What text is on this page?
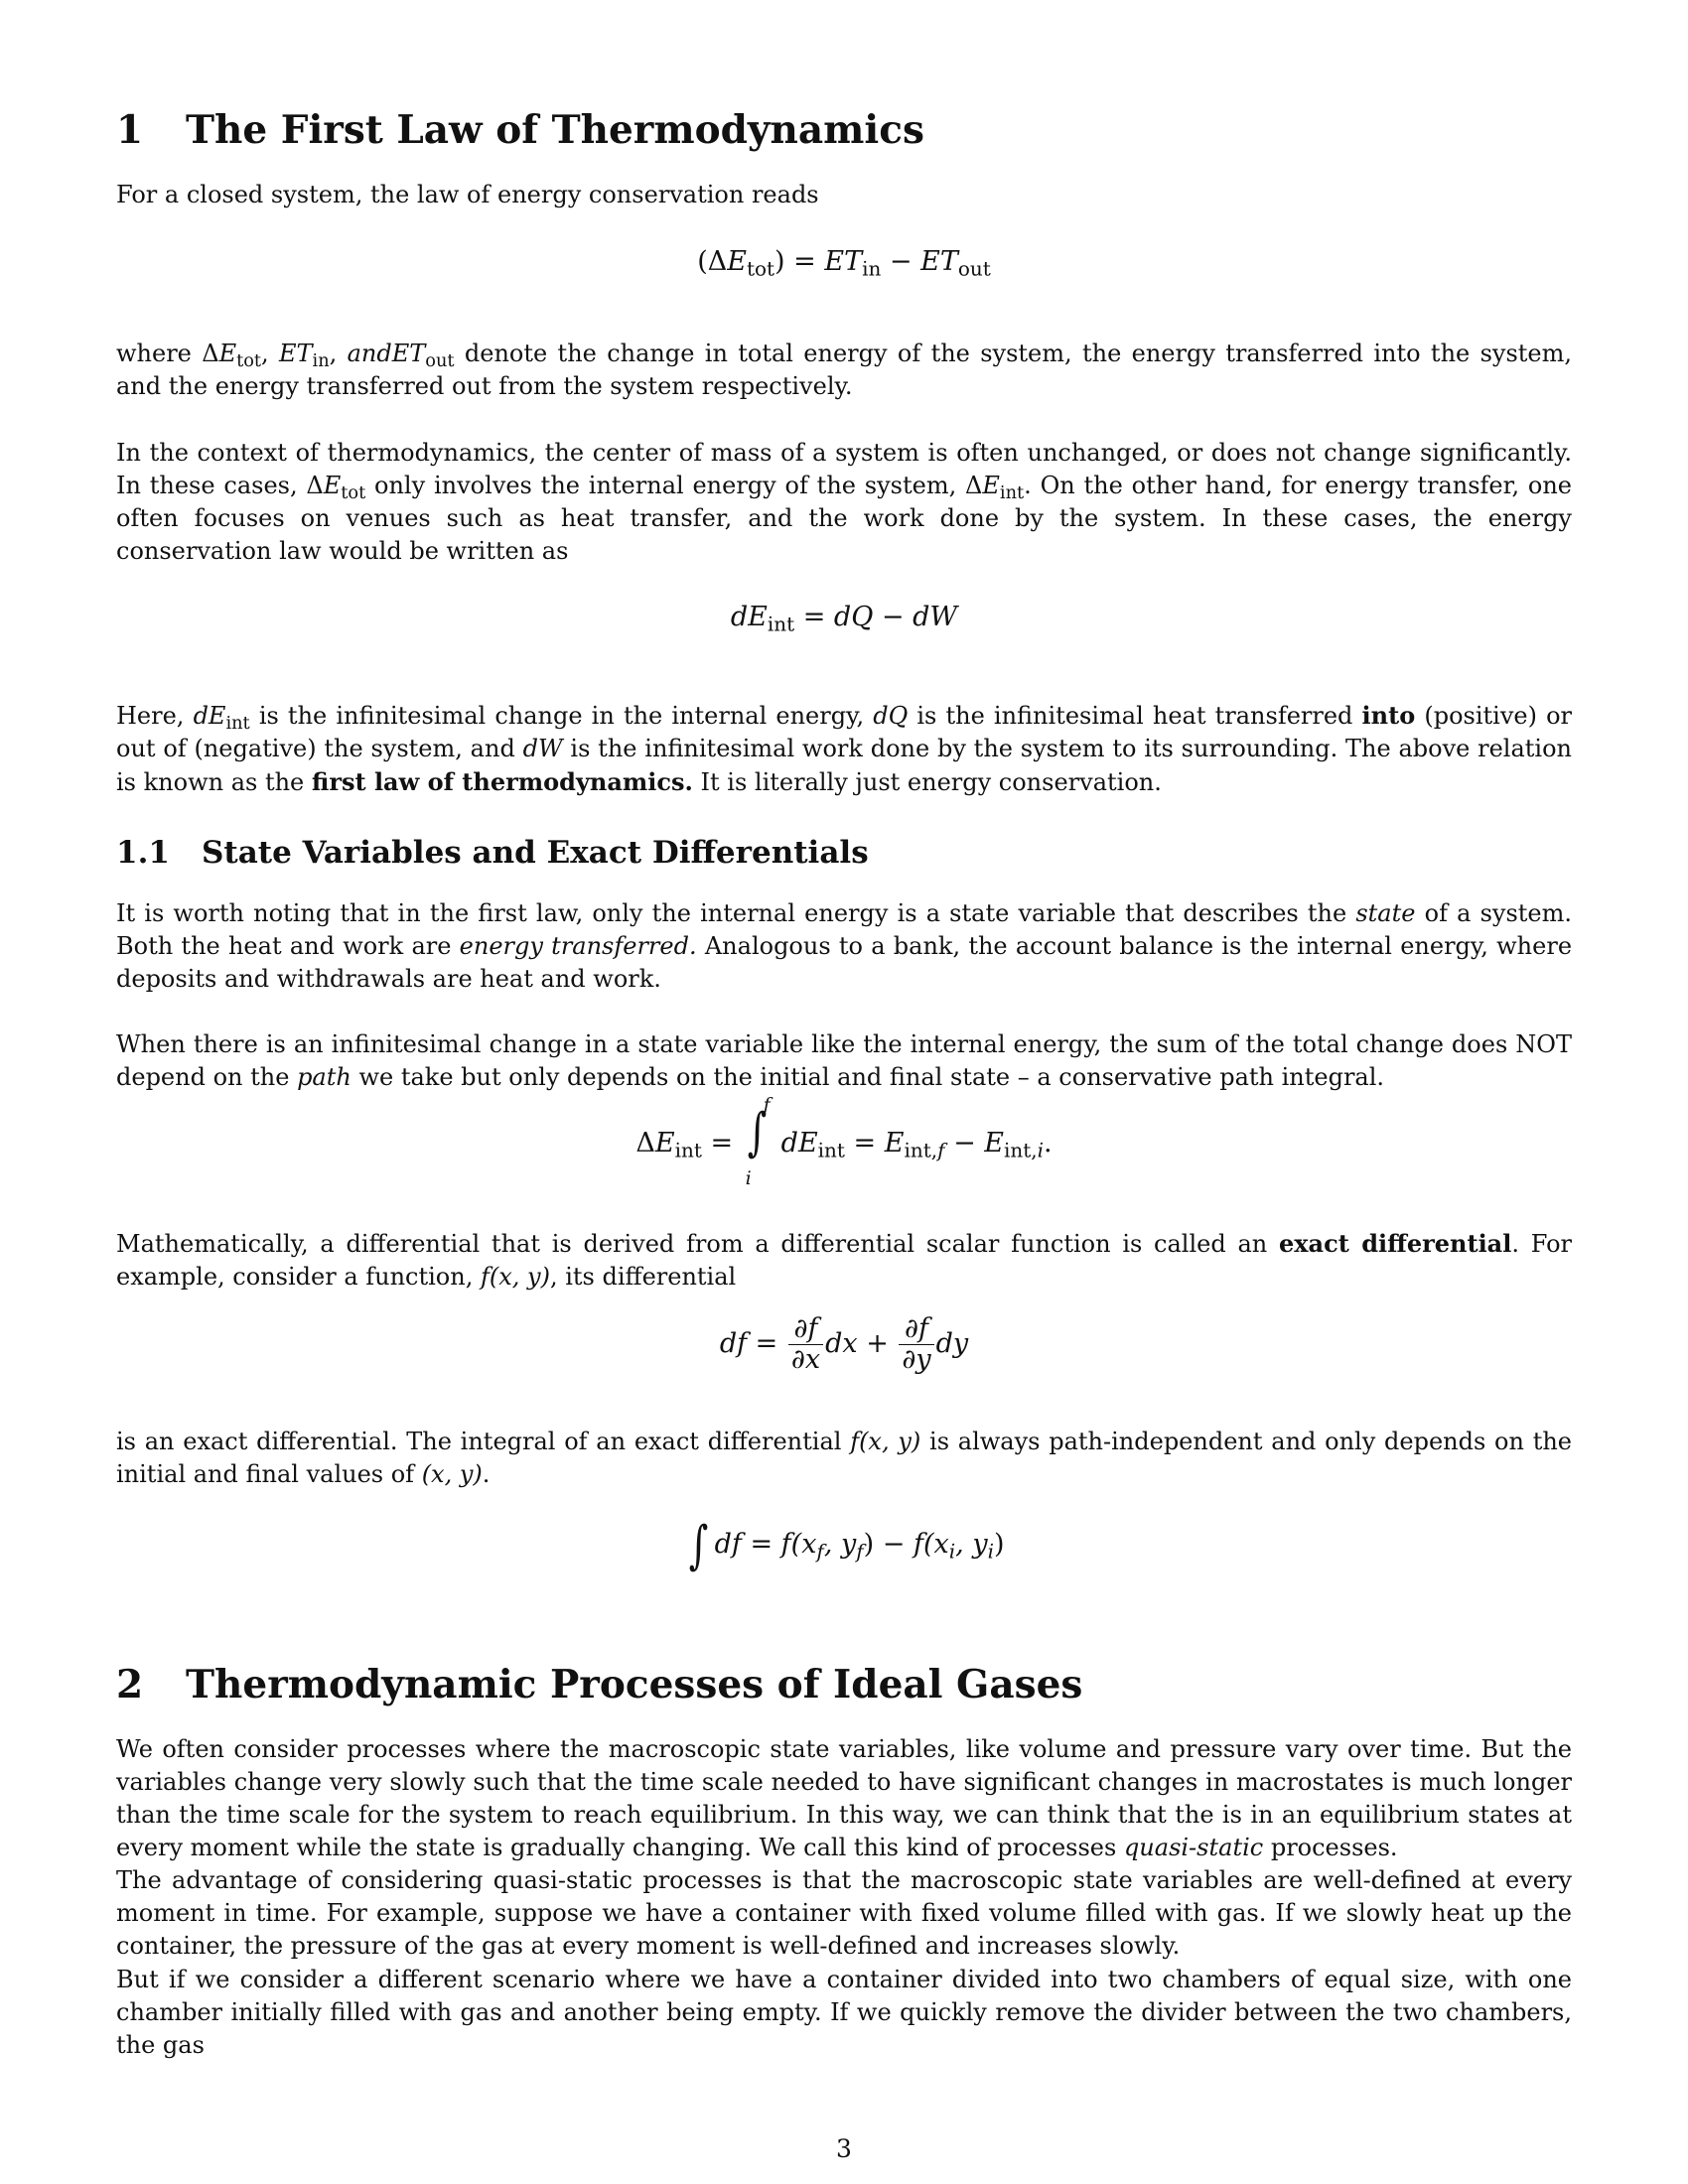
1 The First Law of Thermodynamics
For a closed system, the law of energy conservation reads
$(\Delta E_{tot}) = ET_{in} - ET_{out}$
where $\Delta E_{tot}$, $ET_{in}$, andET$_{out}$ denote the change in total energy of the system, the energy transferred into the system, and the energy transferred out from the system respectively.
In the context of thermodynamics, the center of mass of a system is often unchanged, or does not change significantly. In these cases, $\Delta E_{tot}$ only involves the internal energy of the system, $\Delta E_{int}$. On the other hand, for energy transfer, one often focuses on venues such as heat transfer, and the work done by the system. In these cases, the energy conservation law would be written as
$dE_{int}$ = dQ − dW
Here, $dE_{int}$ is the infinitesimal change in the internal energy, dQ is the infinitesimal heat transferred into (positive) or out of (negative) the system, and dW is the infinitesimal work done by the system to its surrounding. The above relation is known as the first law of thermodynamics. It is literally just energy conservation.
1.1 State Variables and Exact Differentials
It is worth noting that in the first law, only the internal energy is a state variable that describes the state of a system. Both the heat and work are energy transferred. Analogous to a bank, the account balance is the internal energy, where deposits and withdrawals are heat and work.
When there is an infinitesimal change in a state variable like the internal energy, the sum of the total change does NOT depend on the path we take but only depends on the initial and final state – a conservative path integral.
$\Delta E_{int}$ = ∫
f
i
$dE_{int} = E_{int,f} - E_{int,i}$.
Mathematically, a differential that is derived from a differential scalar function is called an exact differential. For example, consider a function, f(x, y), its differential
df = $\frac{\partial f}{\partial x}$ dx + $\frac{\partial f}{\partial y}$ dy
is an exact differential. The integral of an exact differential f(x, y) is always path-independent and only depends on the initial and final values of (x, y).
∫ df = $f(x_f$, $y_f) - f(x_i$, $y_i$)
2 Thermodynamic Processes of Ideal Gases
We often consider processes where the macroscopic state variables, like volume and pressure vary over time. But the variables change very slowly such that the time scale needed to have significant changes in macrostates is much longer than the time scale for the system to reach equilibrium. In this way, we can think that the is in an equilibrium states at every moment while the state is gradually changing. We call this kind of processes quasi-static processes.
The advantage of considering quasi-static processes is that the macroscopic state variables are well-defined at every moment in time. For example, suppose we have a container with fixed volume filled with gas. If we slowly heat up the container, the pressure of the gas at every moment is well-defined and increases slowly.
But if we consider a different scenario where we have a container divided into two chambers of equal size, with one chamber initially filled with gas and another being empty. If we quickly remove the divider between the two chambers, the gas
3
